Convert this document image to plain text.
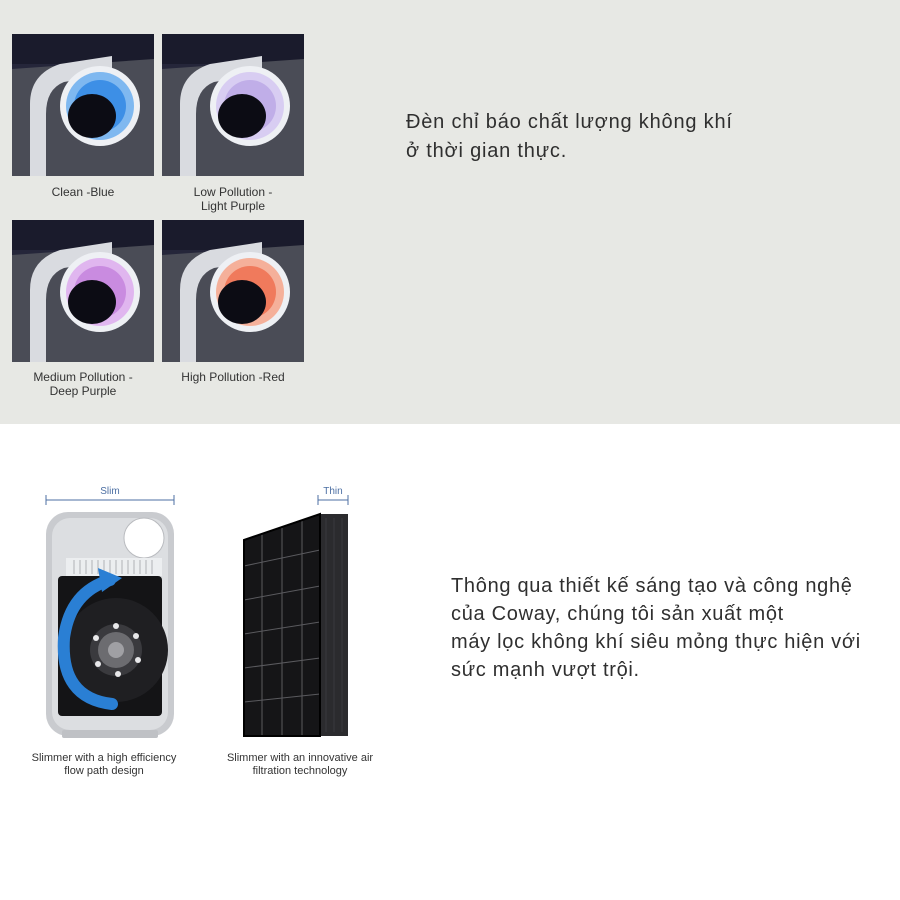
Clean -Blue	Low Pollution -
Light Purple
Medium Pollution -
Deep Purple
High Pollution -Red
Đèn chỉ báo chất lượng không khí
ở thời gian thực.
Slim	Thin
Slimmer with a high efficiency
flow path design
Slimmer with an innovative air
filtration technology
Thông qua thiết kế sáng tạo và công nghệ
của Coway, chúng tôi sản xuất một
máy lọc không khí siêu mỏng thực hiện với
sức mạnh vượt trội.
